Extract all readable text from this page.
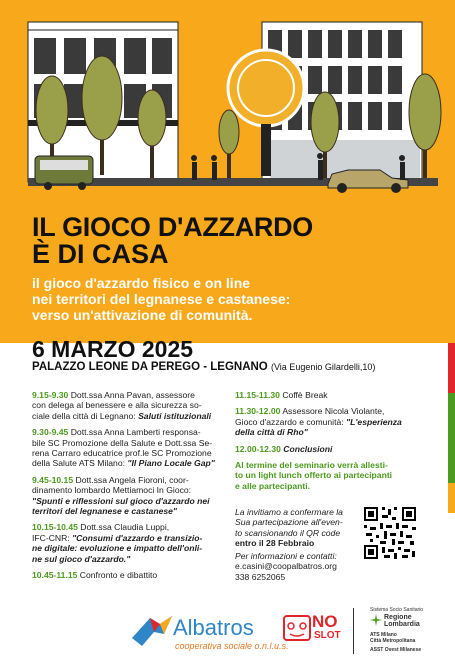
IL GIOCO D'AZZARDO
È DI CASA
il gioco d'azzardo fisico e on line
nei territori del legnanese e castanese:
verso un'attivazione di comunità.
6 MARZO 2025
PALAZZO LEONE DA PEREGO - LEGNANO (Via Eugenio Gilardelli,10)
9.15-9.30 Dott.ssa Anna Pavan, assessore
con delega al benessere e alla sicurezza so-
ciale della città di Legnano: Saluti istituzionali
9.30-9.45 Dott.ssa Anna Lamberti responsa-
bile SC Promozione della Salute e Dott.ssa Se-
rena Carraro educatrice prof.le SC Promozione
della Salute ATS Milano: "Il Piano Locale Gap"
9.45-10.15 Dott.ssa Angela Fioroni, coor-
dinamento lombardo Mettiamoci In Gioco:
"Spunti e riflessioni sul gioco d'azzardo nei
territori del legnanese e castanese"
10.15-10.45 Dott.ssa Claudia Luppi,
IFC-CNR: "Consumi d'azzardo e transizio-
ne digitale: evoluzione e impatto dell'onli-
ne sul gioco d'azzardo."
10.45-11.15 Confronto e dibattito
11.15-11.30 Coffè Break
11.30-12.00 Assessore Nicola Violante,
Gioco d'azzardo e comunità: "L'esperienza
della città di Rho"
12.00-12.30 Conclusioni
Al termine del seminario verrà allesti-
to un light lunch offerto ai partecipanti
e alle partecipanti.
La invitiamo a confermare la
Sua partecipazione all'even-
to scansionando il QR code
entro il 28 Febbraio
Per informazioni e contatti:
e.casini@coopalbatros.org
338 6252065
Albatros
cooperativa sociale o.n.l.u.s.
NO
SLOT
Sistema Socio Sanitario
Regione
Lombardia
ATS Milano
Città Metropolitana
ASST Ovest Milanese
